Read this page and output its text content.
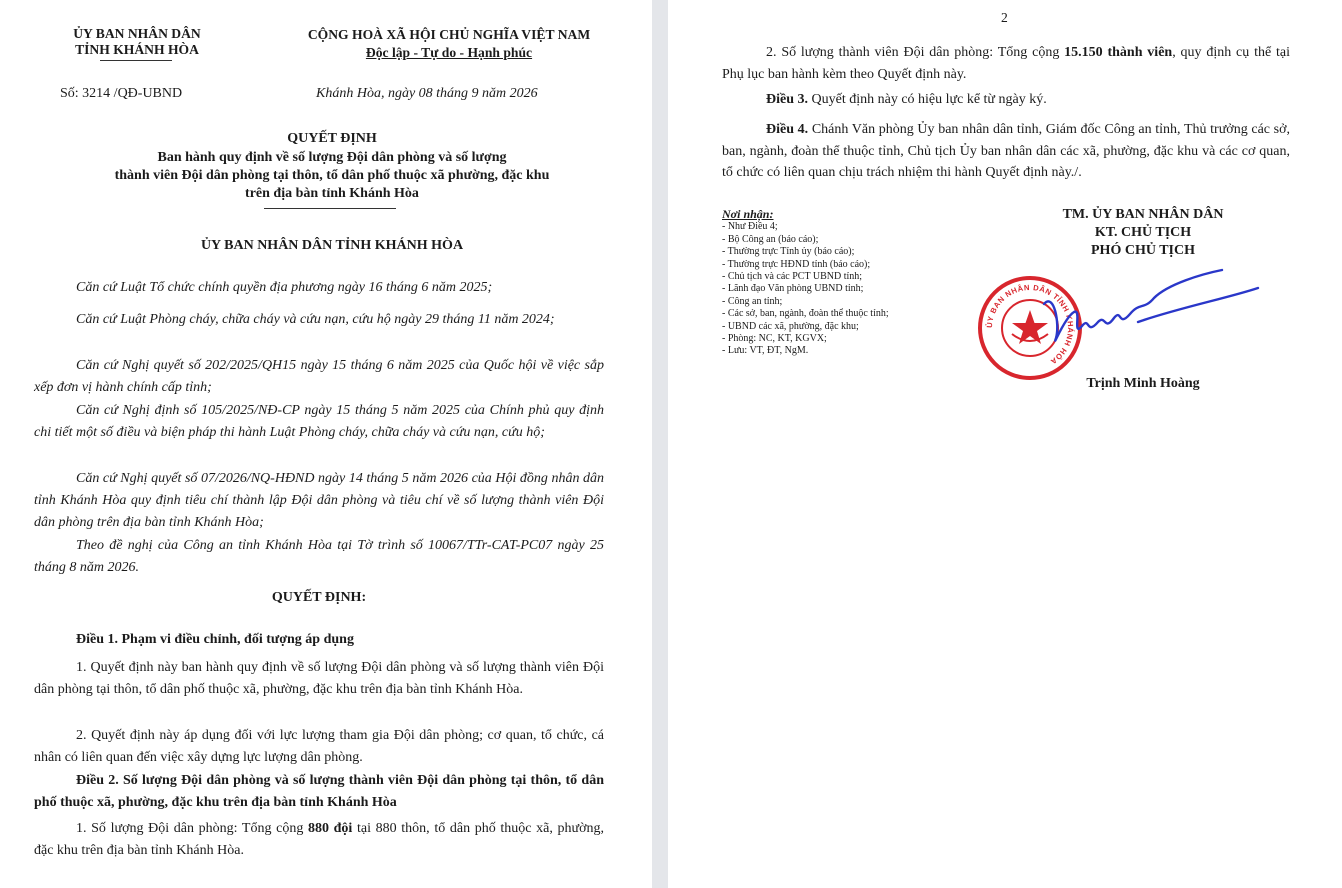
ỦY BAN NHÂN DÂN
TỈNH KHÁNH HÒA
CỘNG HOÀ XÃ HỘI CHỦ NGHĨA VIỆT NAM
Độc lập - Tự do - Hạnh phúc
Số: 3214 /QĐ-UBND	Khánh Hòa, ngày 08 tháng 9 năm 2026
QUYẾT ĐỊNH
Ban hành quy định về số lượng Đội dân phòng và số lượng
thành viên Đội dân phòng tại thôn, tổ dân phố thuộc xã phường, đặc khu
trên địa bàn tỉnh Khánh Hòa
ỦY BAN NHÂN DÂN TỈNH KHÁNH HÒA
Căn cứ Luật Tổ chức chính quyền địa phương ngày 16 tháng 6 năm 2025;
Căn cứ Luật Phòng cháy, chữa cháy và cứu nạn, cứu hộ ngày 29 tháng 11 năm 2024;
Căn cứ Nghị quyết số 202/2025/QH15 ngày 15 tháng 6 năm 2025 của Quốc hội về việc sắp xếp đơn vị hành chính cấp tỉnh;
Căn cứ Nghị định số 105/2025/NĐ-CP ngày 15 tháng 5 năm 2025 của Chính phủ quy định chi tiết một số điều và biện pháp thi hành Luật Phòng cháy, chữa cháy và cứu nạn, cứu hộ;
Căn cứ Nghị quyết số 07/2026/NQ-HĐND ngày 14 tháng 5 năm 2026 của Hội đồng nhân dân tỉnh Khánh Hòa quy định tiêu chí thành lập Đội dân phòng và tiêu chí về số lượng thành viên Đội dân phòng trên địa bàn tỉnh Khánh Hòa;
Theo đề nghị của Công an tỉnh Khánh Hòa tại Tờ trình số 10067/TTr-CAT-PC07 ngày 25 tháng 8 năm 2026.
QUYẾT ĐỊNH:
Điều 1. Phạm vi điều chỉnh, đối tượng áp dụng
1. Quyết định này ban hành quy định về số lượng Đội dân phòng và số lượng thành viên Đội dân phòng tại thôn, tổ dân phố thuộc xã, phường, đặc khu trên địa bàn tỉnh Khánh Hòa.
2. Quyết định này áp dụng đối với lực lượng tham gia Đội dân phòng; cơ quan, tổ chức, cá nhân có liên quan đến việc xây dựng lực lượng dân phòng.
Điều 2. Số lượng Đội dân phòng và số lượng thành viên Đội dân phòng tại thôn, tổ dân phố thuộc xã, phường, đặc khu trên địa bàn tỉnh Khánh Hòa
1. Số lượng Đội dân phòng: Tổng cộng 880 đội tại 880 thôn, tổ dân phố thuộc xã, phường, đặc khu trên địa bàn tỉnh Khánh Hòa.
2
2. Số lượng thành viên Đội dân phòng: Tổng cộng 15.150 thành viên, quy định cụ thể tại Phụ lục ban hành kèm theo Quyết định này.
Điều 3. Quyết định này có hiệu lực kể từ ngày ký.
Điều 4. Chánh Văn phòng Ủy ban nhân dân tỉnh, Giám đốc Công an tỉnh, Thủ trưởng các sở, ban, ngành, đoàn thể thuộc tỉnh, Chủ tịch Ủy ban nhân dân các xã, phường, đặc khu và các cơ quan, tổ chức có liên quan chịu trách nhiệm thi hành Quyết định này./.
Nơi nhận:
- Như Điều 4;
- Bộ Công an (báo cáo);
- Thường trực Tỉnh ủy (báo cáo);
- Thường trực HĐND tỉnh (báo cáo);
- Chủ tịch và các PCT UBND tỉnh;
- Lãnh đạo Văn phòng UBND tỉnh;
- Công an tỉnh;
- Các sở, ban, ngành, đoàn thể thuộc tỉnh;
- UBND các xã, phường, đặc khu;
- Phòng: NC, KT, KGVX;
- Lưu: VT, ĐT, NgM.
TM. ỦY BAN NHÂN DÂN
KT. CHỦ TỊCH
PHÓ CHỦ TỊCH
ỦY BAN NHÂN DÂN TỈNH KHÁNH HÒA
Trịnh Minh Hoàng
